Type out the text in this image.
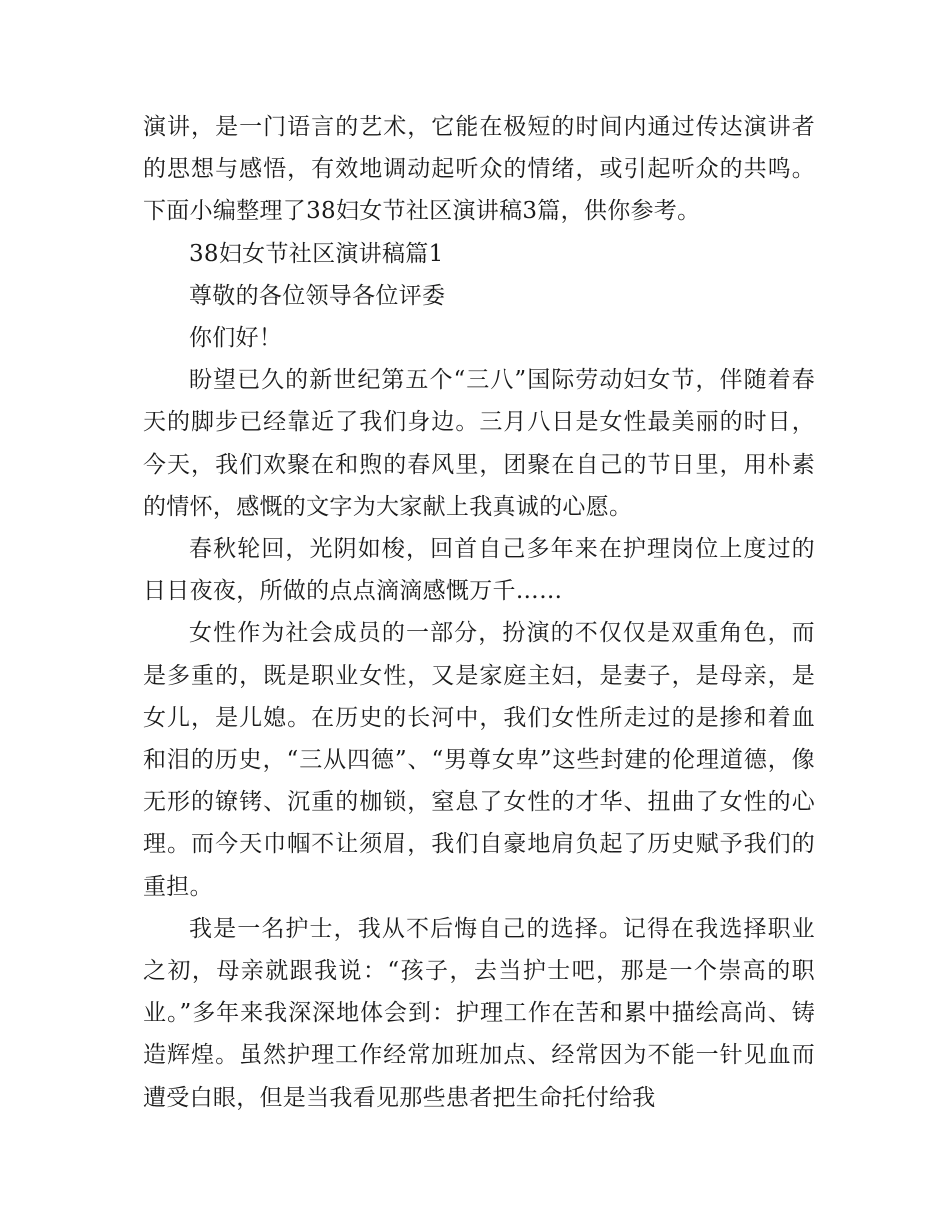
演讲，是一门语言的艺术，它能在极短的时间内通过传达演讲者的思想与感悟，有效地调动起听众的情绪，或引起听众的共鸣。下面小编整理了38妇女节社区演讲稿3篇，供你参考。

38妇女节社区演讲稿篇1

尊敬的各位领导各位评委

你们好！

盼望已久的新世纪第五个“三八”国际劳动妇女节，伴随着春天的脚步已经靠近了我们身边。三月八日是女性最美丽的时日，今天，我们欢聚在和煦的春风里，团聚在自己的节日里，用朴素的情怀，感慨的文字为大家献上我真诚的心愿。

春秋轮回，光阴如梭，回首自己多年来在护理岗位上度过的日日夜夜，所做的点点滴滴感慨万千……

女性作为社会成员的一部分，扮演的不仅仅是双重角色，而是多重的，既是职业女性，又是家庭主妇，是妻子，是母亲，是女儿，是儿媳。在历史的长河中，我们女性所走过的是掺和着血和泪的历史，“三从四德”、“男尊女卑”这些封建的伦理道德，像无形的镣铐、沉重的枷锁，窒息了女性的才华、扭曲了女性的心理。而今天巾帼不让须眉，我们自豪地肩负起了历史赋予我们的重担。

我是一名护士，我从不后悔自己的选择。记得在我选择职业之初，母亲就跟我说：“孩子，去当护士吧，那是一个崇高的职业。”多年来我深深地体会到：护理工作在苦和累中描绘高尚、铸造辉煌。虽然护理工作经常加班加点、经常因为不能一针见血而遭受白眼，但是当我看见那些患者把生命托付给我
